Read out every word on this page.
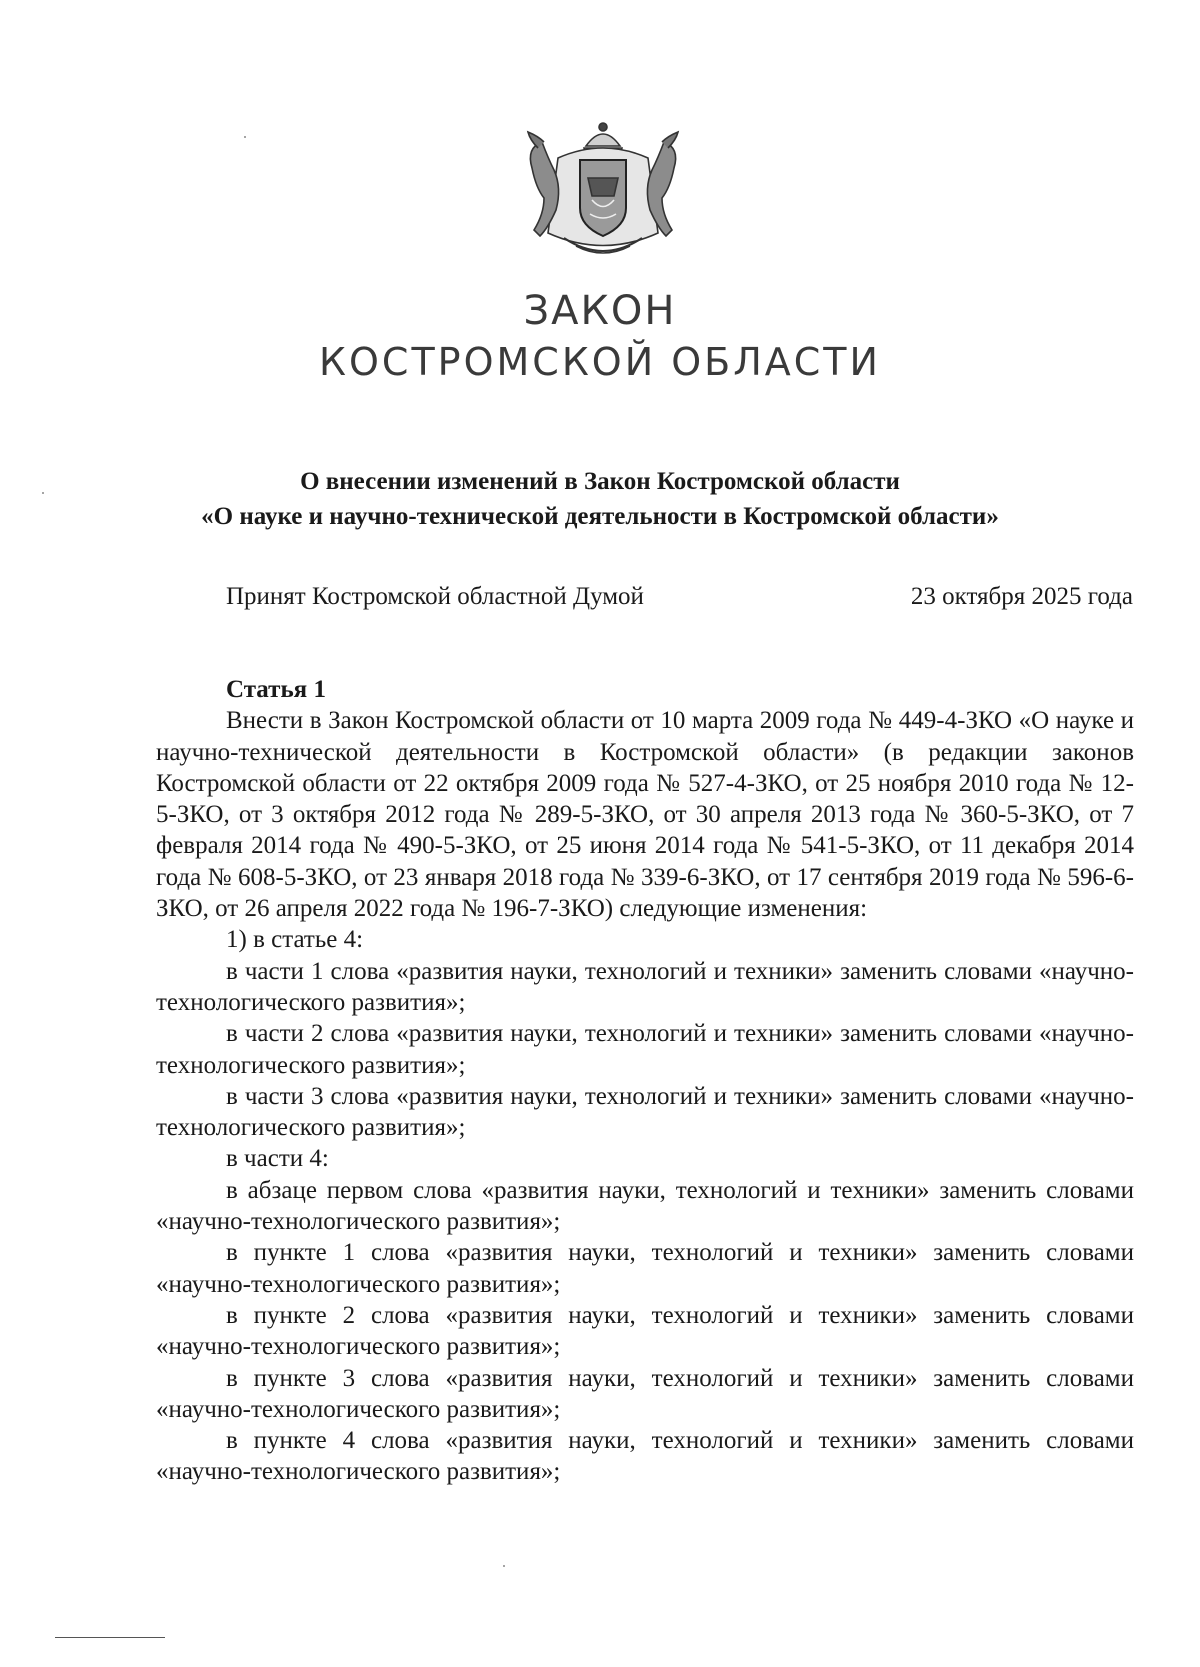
ЗАКОН
КОСТРОМСКОЙ ОБЛАСТИ
О внесении изменений в Закон Костромской области
«О науке и научно-технической деятельности в Костромской области»
Принят Костромской областной Думой	23 октября 2025 года

Статья 1

Внести в Закон Костромской области от 10 марта 2009 года № 449-4-ЗКО «О науке и научно-технической деятельности в Костромской области» (в редакции законов Костромской области от 22 октября 2009 года № 527-4-ЗКО, от 25 ноября 2010 года № 12-5-ЗКО, от 3 октября 2012 года № 289-5-ЗКО, от 30 апреля 2013 года № 360-5-ЗКО, от 7 февраля 2014 года № 490-5-ЗКО, от 25 июня 2014 года № 541-5-ЗКО, от 11 декабря 2014 года № 608-5-ЗКО, от 23 января 2018 года № 339-6-ЗКО, от 17 сентября 2019 года № 596-6-ЗКО, от 26 апреля 2022 года № 196-7-ЗКО) следующие изменения:

1) в статье 4:

в части 1 слова «развития науки, технологий и техники» заменить словами «научно-технологического развития»;

в части 2 слова «развития науки, технологий и техники» заменить словами «научно-технологического развития»;

в части 3 слова «развития науки, технологий и техники» заменить словами «научно-технологического развития»;

в части 4:

в абзаце первом слова «развития науки, технологий и техники» заменить словами «научно-технологического развития»;

в пункте 1 слова «развития науки, технологий и техники» заменить словами «научно-технологического развития»;

в пункте 2 слова «развития науки, технологий и техники» заменить словами «научно-технологического развития»;

в пункте 3 слова «развития науки, технологий и техники» заменить словами «научно-технологического развития»;

в пункте 4 слова «развития науки, технологий и техники» заменить словами «научно-технологического развития»;
